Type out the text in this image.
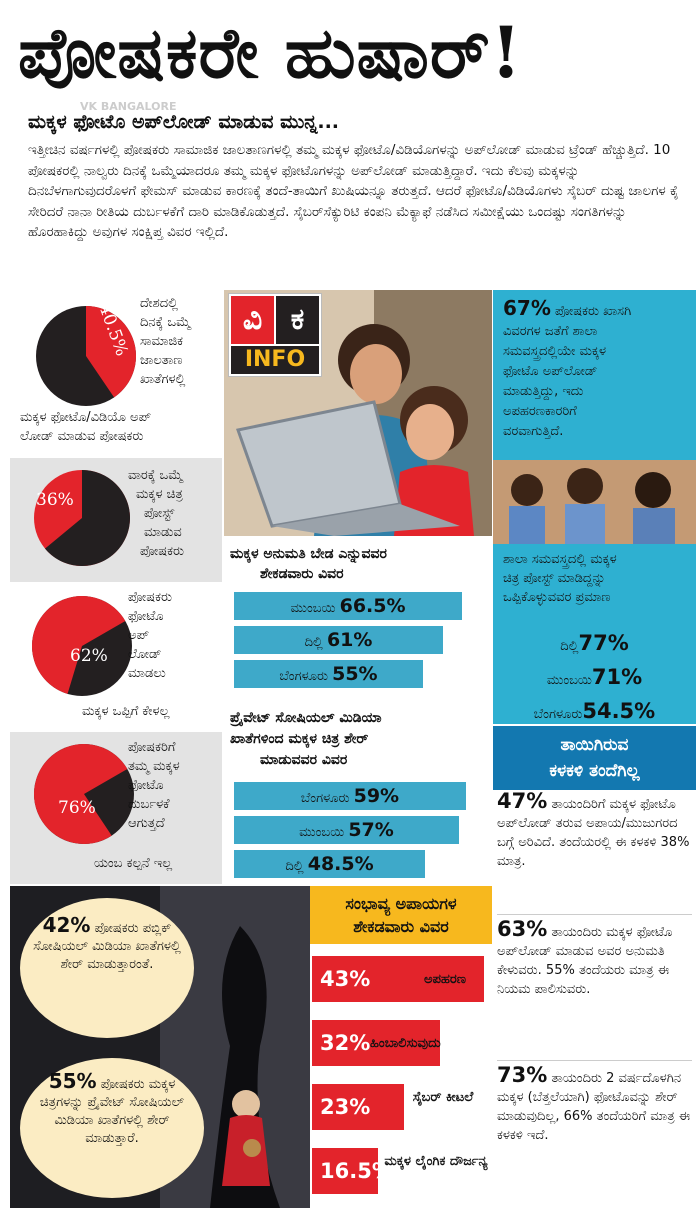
ಪೋಷಕರೇ ಹುಷಾರ್!
VK BANGALORE
ಮಕ್ಕಳ ಫೋಟೊ ಅಪ್‌ಲೋಡ್ ಮಾಡುವ ಮುನ್ನ...
ಇತ್ತೀಚಿನ ವರ್ಷಗಳಲ್ಲಿ ಪೋಷಕರು ಸಾಮಾಜಿಕ ಜಾಲತಾಣಗಳಲ್ಲಿ ತಮ್ಮ ಮಕ್ಕಳ ಫೋಟೊ/ವಿಡಿಯೊಗಳನ್ನು ಅಪ್‌ಲೋಡ್ ಮಾಡುವ ಟ್ರೆಂಡ್ ಹೆಚ್ಚುತ್ತಿದೆ. 10 ಪೋಷಕರಲ್ಲಿ ನಾಲ್ವರು ದಿನಕ್ಕೆ ಒಮ್ಮೆಯಾದರೂ ತಮ್ಮ ಮಕ್ಕಳ ಫೋಟೊಗಳನ್ನು ಅಪ್‌ಲೋಡ್ ಮಾಡುತ್ತಿದ್ದಾರೆ. ಇದು ಕೆಲವು ಮಕ್ಕಳನ್ನು ದಿನಬೆಳಗಾಗುವುದರೊಳಗೆ ಫೇಮಸ್ ಮಾಡುವ ಕಾರಣಕ್ಕೆ ತಂದೆ-ತಾಯಿಗೆ ಖುಷಿಯನ್ನೂ ತರುತ್ತದೆ. ಆದರೆ ಫೋಟೊ/ವಿಡಿಯೊಗಳು ಸೈಬರ್ ದುಷ್ಟ ಜಾಲಗಳ ಕೈ ಸೇರಿದರೆ ನಾನಾ ರೀತಿಯ ದುರ್ಬಳಕೆಗೆ ದಾರಿ ಮಾಡಿಕೊಡುತ್ತದೆ. ಸೈಬರ್‌ಸೆಕ್ಯುರಿಟಿ ಕಂಪನಿ ಮೆಕ್ಯಾಫೆ ನಡೆಸಿದ ಸಮೀಕ್ಷೆಯು ಒಂದಷ್ಟು ಸಂಗತಿಗಳನ್ನು ಹೊರಹಾಕಿದ್ದು ಅವುಗಳ ಸಂಕ್ಷಿಪ್ತ ವಿವರ ಇಲ್ಲಿದೆ.
40.5% ದೇಶದಲ್ಲಿ
ದಿನಕ್ಕೆ ಒಮ್ಮೆ
ಸಾಮಾಜಿಕ
ಜಾಲತಾಣ
ಖಾತೆಗಳಲ್ಲಿ
ಮಕ್ಕಳ ಫೋಟೊ/ವಿಡಿಯೊ ಅಪ್
ಲೋಡ್ ಮಾಡುವ ಪೋಷಕರು
36%
ವಾರಕ್ಕೆ ಒಮ್ಮೆ
ಮಕ್ಕಳ ಚಿತ್ರ
ಪೋಸ್ಟ್
ಮಾಡುವ
ಪೋಷಕರು
62%
ಪೋಷಕರು
ಫೋಟೊ
ಅಪ್
ಲೋಡ್
ಮಾಡಲು
ಮಕ್ಕಳ ಒಪ್ಪಿಗೆ ಕೇಳಲ್ಲ
76%
ಪೋಷಕರಿಗೆ
ತಮ್ಮ ಮಕ್ಕಳ
ಫೋಟೊ
ದುರ್ಬಳಕೆ
ಆಗುತ್ತದೆ
ಯಂಬ ಕಲ್ಪನೆ ಇಲ್ಲ
ವಿ ಕ
INFO
67% ಪೋಷಕರು ಖಾಸಗಿ
ವಿವರಗಳ ಜತೆಗೆ ಶಾಲಾ
ಸಮವಸ್ತ್ರದಲ್ಲಿಯೇ ಮಕ್ಕಳ
ಫೋಟೊ ಅಪ್‌ಲೋಡ್
ಮಾಡುತ್ತಿದ್ದು, ಇದು
ಅಪಹರಣಕಾರರಿಗೆ
ವರವಾಗುತ್ತಿದೆ.
ಶಾಲಾ ಸಮವಸ್ತ್ರದಲ್ಲಿ ಮಕ್ಕಳ
ಚಿತ್ರ ಪೋಸ್ಟ್ ಮಾಡಿದ್ದನ್ನು
ಒಪ್ಪಿಕೊಳ್ಳುವವರ ಪ್ರಮಾಣ
ದಿಲ್ಲಿ77%
ಮುಂಬಯಿ71%
ಬೆಂಗಳೂರು54.5%
ಮಕ್ಕಳ ಅನುಮತಿ ಬೇಡ ಎನ್ನುವವರ
ಶೇಕಡವಾರು ವಿವರ
ಮುಂಬಯಿ 66.5%
ದಿಲ್ಲಿ 61%
ಬೆಂಗಳೂರು 55%
ಪ್ರೈವೇಟ್ ಸೋಷಿಯಲ್ ಮಿಡಿಯಾ
ಖಾತೆಗಳಿಂದ ಮಕ್ಕಳ ಚಿತ್ರ ಶೇರ್
ಮಾಡುವವರ ವಿವರ
ಬೆಂಗಳೂರು 59%
ಮುಂಬಯಿ 57%
ದಿಲ್ಲಿ 48.5%
ತಾಯಿಗಿರುವ
ಕಳಕಳಿ ತಂದೆಗಿಲ್ಲ
47% ತಾಯಂದಿರಿಗೆ ಮಕ್ಕಳ ಫೋಟೊ ಅಪ್‌ಲೋಡ್ ತರುವ ಅಪಾಯ/ಮುಜುಗರದ ಬಗ್ಗೆ ಅರಿವಿದೆ. ತಂದೆಯರಲ್ಲಿ ಈ ಕಳಕಳಿ 38% ಮಾತ್ರ.
63% ತಾಯಂದಿರು ಮಕ್ಕಳ ಫೋಟೊ ಅಪ್‌ಲೋಡ್ ಮಾಡುವ ಅವರ ಅನುಮತಿ ಕೇಳುವರು. 55% ತಂದೆಯರು ಮಾತ್ರ ಈ ನಿಯಮ ಪಾಲಿಸುವರು.
73% ತಾಯಂದಿರು 2 ವರ್ಷದೊಳಗಿನ ಮಕ್ಕಳ (ಬೆತ್ತಲೆಯಾಗಿ) ಫೋಟೊವನ್ನು ಶೇರ್ ಮಾಡುವುದಿಲ್ಲ, 66% ತಂದೆಯರಿಗೆ ಮಾತ್ರ ಈ ಕಳಕಳಿ ಇದೆ.
42% ಪೋಷಕರು ಪಬ್ಲಿಕ್ ಸೋಷಿಯಲ್ ಮಿಡಿಯಾ ಖಾತೆಗಳಲ್ಲಿ ಶೇರ್ ಮಾಡುತ್ತಾರಂತೆ.
55% ಪೋಷಕರು ಮಕ್ಕಳ ಚಿತ್ರಗಳನ್ನು ಪ್ರೈವೇಟ್ ಸೋಷಿಯಲ್ ಮಿಡಿಯಾ ಖಾತೆಗಳಲ್ಲಿ ಶೇರ್ ಮಾಡುತ್ತಾರೆ.
ಸಂಭಾವ್ಯ ಅಪಾಯಗಳ
ಶೇಕಡವಾರು ವಿವರ
43%	ಅಪಹರಣ
32% ಹಿಂಬಾಲಿಸುವುದು
23%	ಸೈಬರ್ ಕೀಟಲೆ
16.5%
ಮಕ್ಕಳ ಲೈಂಗಿಕ ದೌರ್ಜನ್ಯ
